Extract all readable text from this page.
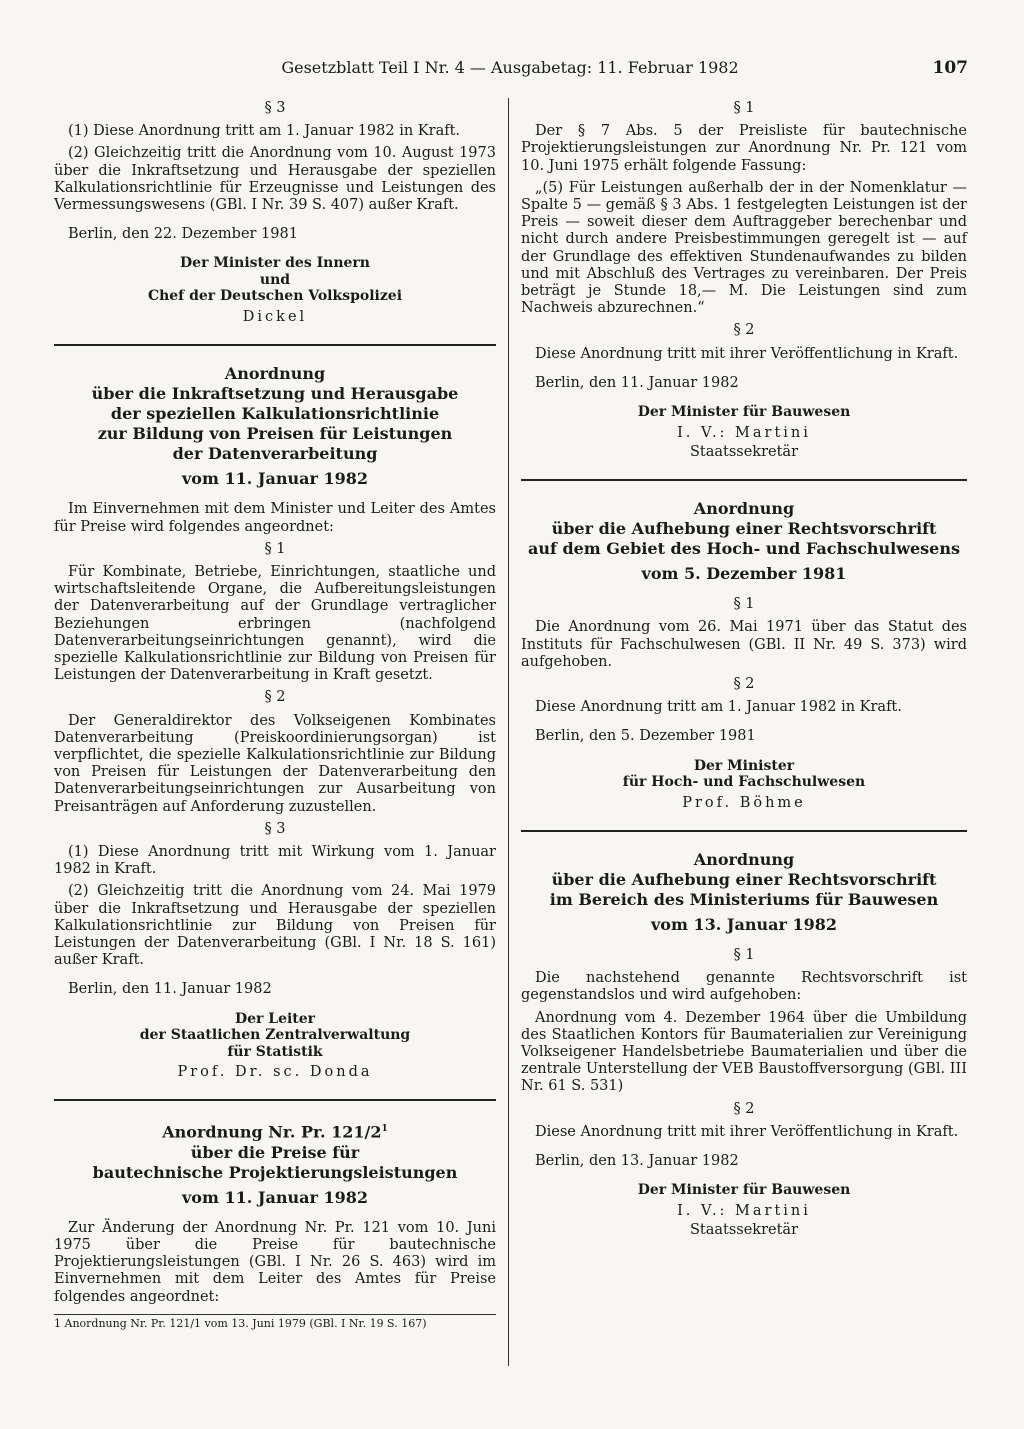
Gesetzblatt Teil I Nr. 4 — Ausgabetag: 11. Februar 1982	107
§ 3

(1) Diese Anordnung tritt am 1. Januar 1982 in Kraft.

(2) Gleichzeitig tritt die Anordnung vom 10. August 1973 über die Inkraftsetzung und Herausgabe der speziellen Kalkulationsrichtlinie für Erzeugnisse und Leistungen des Vermessungswesens (GBl. I Nr. 39 S. 407) außer Kraft.

Berlin, den 22. Dezember 1981

Der Minister des Innern

und

Chef der Deutschen Volkspolizei

Dickel

Anordnung

über die Inkraftsetzung und Herausgabe

der speziellen Kalkulationsrichtlinie

zur Bildung von Preisen für Leistungen

der Datenverarbeitung

vom 11. Januar 1982

Im Einvernehmen mit dem Minister und Leiter des Amtes für Preise wird folgendes angeordnet:

§ 1

Für Kombinate, Betriebe, Einrichtungen, staatliche und wirtschaftsleitende Organe, die Aufbereitungsleistungen der Datenverarbeitung auf der Grundlage vertraglicher Beziehungen erbringen (nachfolgend Datenverarbeitungseinrichtungen genannt), wird die spezielle Kalkulationsrichtlinie zur Bildung von Preisen für Leistungen der Datenverarbeitung in Kraft gesetzt.

§ 2

Der Generaldirektor des Volkseigenen Kombinates Datenverarbeitung (Preiskoordinierungsorgan) ist verpflichtet, die spezielle Kalkulationsrichtlinie zur Bildung von Preisen für Leistungen der Datenverarbeitung den Datenverarbeitungseinrichtungen zur Ausarbeitung von Preisanträgen auf Anforderung zuzustellen.

§ 3

(1) Diese Anordnung tritt mit Wirkung vom 1. Januar 1982 in Kraft.

(2) Gleichzeitig tritt die Anordnung vom 24. Mai 1979 über die Inkraftsetzung und Herausgabe der speziellen Kalkulationsrichtlinie zur Bildung von Preisen für Leistungen der Datenverarbeitung (GBl. I Nr. 18 S. 161) außer Kraft.

Berlin, den 11. Januar 1982

Der Leiter

der Staatlichen Zentralverwaltung

für Statistik

Prof. Dr. sc. Donda

Anordnung Nr. Pr. $121/2^1$

über die Preise für

bautechnische Projektierungsleistungen

vom 11. Januar 1982

Zur Änderung der Anordnung Nr. Pr. 121 vom 10. Juni 1975 über die Preise für bautechnische Projektierungsleistungen (GBl. I Nr. 26 S. 463) wird im Einvernehmen mit dem Leiter des Amtes für Preise folgendes angeordnet:

1 Anordnung Nr. Pr. 121/1 vom 13. Juni 1979 (GBl. I Nr. 19 S. 167)
§ 1

Der § 7 Abs. 5 der Preisliste für bautechnische Projektierungsleistungen zur Anordnung Nr. Pr. 121 vom 10. Juni 1975 erhält folgende Fassung:

„(5) Für Leistungen außerhalb der in der Nomenklatur — Spalte 5 — gemäß § 3 Abs. 1 festgelegten Leistungen ist der Preis — soweit dieser dem Auftraggeber berechenbar und nicht durch andere Preisbestimmungen geregelt ist — auf der Grundlage des effektiven Stundenaufwandes zu bilden und mit Abschluß des Vertrages zu vereinbaren. Der Preis beträgt je Stunde 18,— M. Die Leistungen sind zum Nachweis abzurechnen.“

§ 2

Diese Anordnung tritt mit ihrer Veröffentlichung in Kraft.

Berlin, den 11. Januar 1982

Der Minister für Bauwesen

I. V.: Martini

Staatssekretär

Anordnung

über die Aufhebung einer Rechtsvorschrift

auf dem Gebiet des Hoch- und Fachschulwesens

vom 5. Dezember 1981

§ 1

Die Anordnung vom 26. Mai 1971 über das Statut des Instituts für Fachschulwesen (GBl. II Nr. 49 S. 373) wird aufgehoben.

§ 2

Diese Anordnung tritt am 1. Januar 1982 in Kraft.

Berlin, den 5. Dezember 1981

Der Minister

für Hoch- und Fachschulwesen

Prof. Böhme

Anordnung

über die Aufhebung einer Rechtsvorschrift

im Bereich des Ministeriums für Bauwesen

vom 13. Januar 1982

§ 1

Die nachstehend genannte Rechtsvorschrift ist gegenstandslos und wird aufgehoben:

Anordnung vom 4. Dezember 1964 über die Umbildung des Staatlichen Kontors für Baumaterialien zur Vereinigung Volkseigener Handelsbetriebe Baumaterialien und über die zentrale Unterstellung der VEB Baustoffversorgung (GBl. III Nr. 61 S. 531)

§ 2

Diese Anordnung tritt mit ihrer Veröffentlichung in Kraft.

Berlin, den 13. Januar 1982

Der Minister für Bauwesen

I. V.: Martini

Staatssekretär
